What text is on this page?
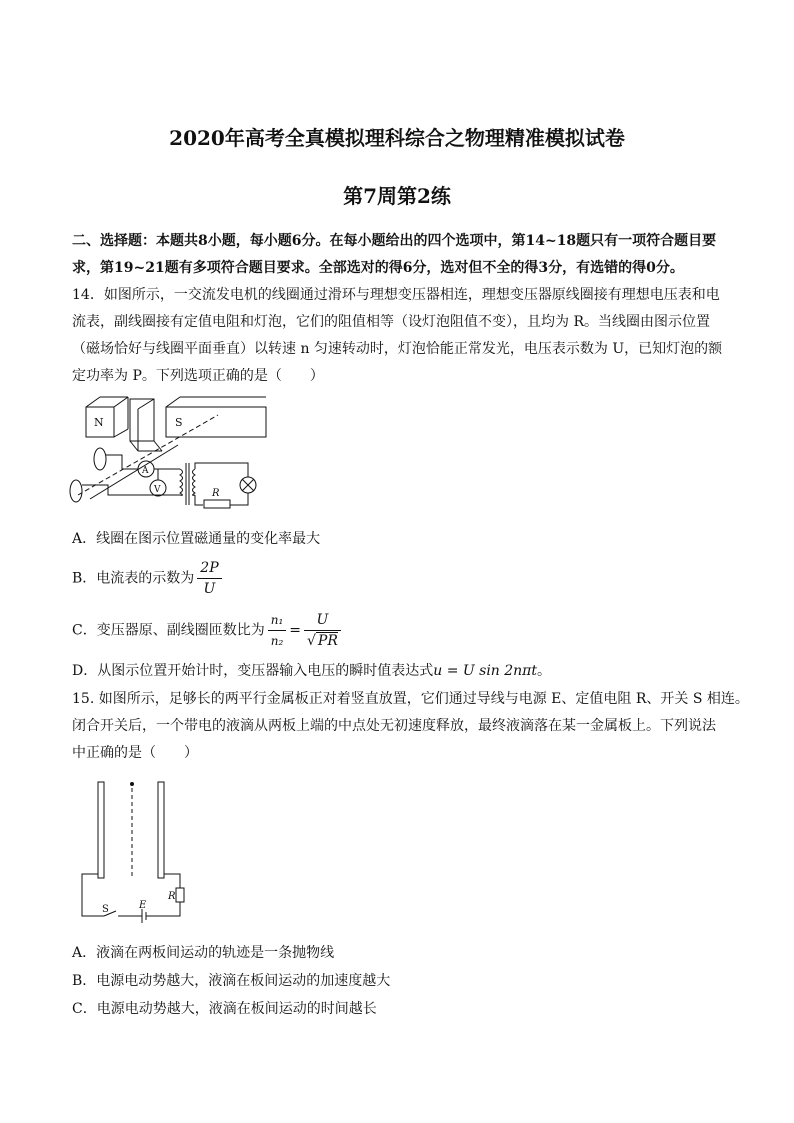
2020年高考全真模拟理科综合之物理精准模拟试卷
第7周第2练
二、选择题：本题共8小题，每小题6分。在每小题给出的四个选项中，第14~18题只有一项符合题目要
求，第19~21题有多项符合题目要求。全部选对的得6分，选对但不全的得3分，有选错的得0分。
14．如图所示，一交流发电机的线圈通过滑环与理想变压器相连，理想变压器原线圈接有理想电压表和电
流表，副线圈接有定值电阻和灯泡，它们的阻值相等（设灯泡阻值不变），且均为 R。当线圈由图示位置
（磁场恰好与线圈平面垂直）以转速 n 匀速转动时，灯泡恰能正常发光，电压表示数为 U，已知灯泡的额
定功率为 P。下列选项正确的是（　　）
N	S
A
V	R
A．线圈在图示位置磁通量的变化率最大
B．电流表的示数为 $\frac{2P}{U}$
C．变压器原、副线圈匝数比为 $\frac{\text{n₁}}{\text{n₂}} = \frac{U}{√ PR}$
D．从图示位置开始计时，变压器输入电压的瞬时值表达式u = U sin 2nπt。
15. 如图所示，足够长的两平行金属板正对着竖直放置，它们通过导线与电源 E、定值电阻 R、开关 S 相连。
闭合开关后，一个带电的液滴从两板上端的中点处无初速度释放，最终液滴落在某一金属板上。下列说法
中正确的是（　　）
S	E
R
A．液滴在两板间运动的轨迹是一条抛物线
B．电源电动势越大，液滴在板间运动的加速度越大
C．电源电动势越大，液滴在板间运动的时间越长
